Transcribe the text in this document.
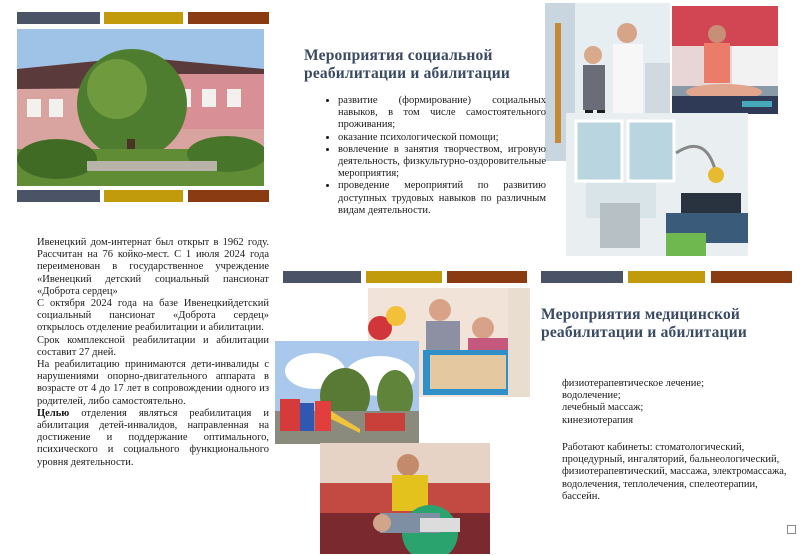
Мероприятия социальной реабилитации и абилитации
Мероприятия медицинской реабилитации и абилитации
• развитие (формирование) социальных навыков, в том числе самостоятельного проживания;
• оказание психологической помощи;
• вовлечение в занятия творчеством, игровую деятельность, физкультурно-оздоровительные мероприятия;
• проведение мероприятий по развитию доступных трудовых навыков по различным видам деятельности.

физиотерапевтическое лечение;

водолечение;

лечебный массаж;

кинезиотерапия

Работают кабинеты: стоматологический, процедурный, ингаляторий, бальнеологический, физиотерапевтический, массажа, электромассажа, водолечения, теплолечения, спелеотерапии, бассейн.

Ивенецкий дом-интернат был открыт в 1962 году. Рассчитан на 76 койко-мест. С 1 июля 2024 года переименован в государственное учреждение «Ивенецкий детский социальный пансионат «Доброта сердец»

С октября 2024 года на базе Ивенецкийдетский социальный пансионат «Доброта сердец» открылось отделение реабилитации и абилитации.

Срок комплексной реабилитации и абилитации составит 27 дней.

На реабилитацию принимаются дети-инвалиды с нарушениями опорно-двигательного аппарата в возрасте от 4 до 17 лет в сопровождении одного из родителей, либо самостоятельно.

Целью отделения являться реабилитация и абилитация детей-инвалидов, направленная на достижение и поддержание оптимального, психического и социального функционального уровня деятельности.
